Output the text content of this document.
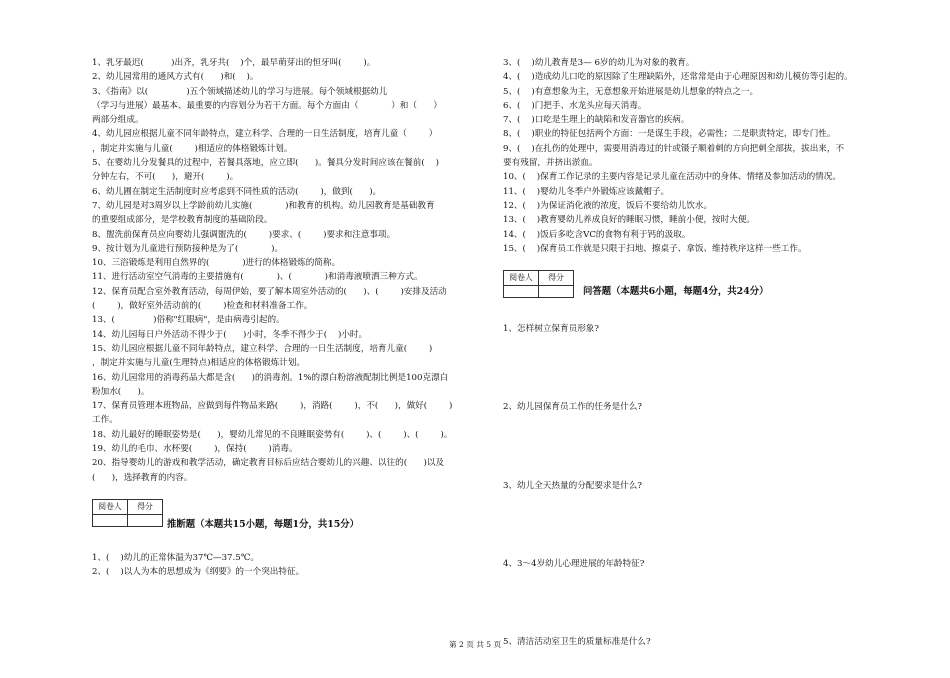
1、乳牙最迟(          )出齐，乳牙共(    )个，最早萌芽出的恒牙叫(        )。
2、幼儿园常用的通风方式有(      )和(    )。
3、《指南》以(              )五个领域描述幼儿的学习与进展。每个领域根据幼儿
（学习与进展）最基本、最重要的内容划分为若干方面。每个方面由（            ）和（      ）
两部分组成。
4、幼儿园应根据儿童不同年龄特点，建立科学、合理的一日生活制度，培育儿童（        ）
，制定并实施与儿童(        )相适应的体格锻炼计划。
5、在婴幼儿分发餐具的过程中，若餐具落地，应立即(      )。餐具分发时间应该在餐前(    )
分钟左右，不可(      )，避开(        )。
6、幼儿圃在制定生活制度时应考虑到不同性质的活动(        )，做到(      )。
7、幼儿园是对3周岁以上学龄前幼儿实施(            )和教育的机构。幼儿园教育是基础教育
的重要组成部分，是学校教育制度的基础阶段。
8、盥洗前保育员应向婴幼儿强调盥洗的(        )要求、(        )要求和注意事项。
9、按计划为儿童进行预防接种是为了(            )。
10、三浴锻炼是利用自然界的(            )进行的体格锻炼的简称。
11、进行活动室空气消毒的主要措施有(            )、(            )和消毒液喷洒三种方式。
12、保育员配合室外教育活动，每周伊始，要了解本周室外活动的(      )、(        )安排及活动
(        )，做好室外活动前的(        )检查和材料准备工作。
13、(              )俗称"红眼病"，是由病毒引起的。
14、幼儿园每日户外活动不得少于(      )小时，冬季不得少于(    )小时。
15、幼儿园应根据儿童不同年龄特点，建立科学、合理的一日生活制度，培育儿童(        )
，制定并实施与儿童(生理特点)相适应的体格锻炼计划。
16、幼儿园常用的消毒药品大都是含(      )的消毒剂。1%的漂白粉溶液配制比例是100克漂白
粉加水(      )。
17、保育员管理本班物品，应做到每件物品来路(        )，消路(        )，不(      )，做好(        )
工作。
18、幼儿最好的睡眠姿势是(      )，婴幼儿常见的不良睡眠姿势有(        )、(        )、(        )。
19、幼儿的毛巾、水杯要(        )，保持(        )消毒。
20、指导婴幼儿的游戏和教学活动，确定教育目标后应结合婴幼儿的兴趣、以往的(      )以及
(      )，选择教育的内容。
阅卷人	得分

推断题（本题共15小题，每题1分，共15分）
1、(    )幼儿的正常体温为37℃—37.5℃。
2、(    )以人为本的思想成为《纲要》的一个突出特征。
3、(    )幼儿教育是3— 6岁的幼儿为对象的教育。
4、(    )造成幼儿口吃的原因除了生理缺陷外，还常常是由于心理原因和幼儿模仿等引起的。
5、(    )有意想象为主，无意想象开始进展是幼儿想象的特点之一。
6、(    )门把手、水龙头应每天消毒。
7、(    )口吃是生理上的缺陷和发音器官的疾病。
8、(    )职业的特征包括两个方面：一是谋生手段，必需性；二是职责特定，即专门性。
9、(    )在扎伤的处理中，需要用消毒过的针或镊子顺着刺的方向把刺全部拔，拔出来，不
要有残留，并挤出淤血。
10、(    )保育工作记录的主要内容是记录儿童在活动中的身体、情绪及参加活动的情况。
11、(    )婴幼儿冬季户外锻炼应该戴帽子。
12、(    )为保证消化液的浓度，饭后不要给幼儿饮水。
13、(    )教育婴幼儿养成良好的睡眠习惯，睡前小便，按时大便。
14、(    )饭后多吃含VC的食物有利于钙的汲取。
15、(    )保育员工作就是只限于扫地、擦桌子、拿饭、维持秩序这样一些工作。
阅卷人	得分

问答题（本题共6小题，每题4分，共24分）
1、怎样树立保育员形象?
2、幼儿园保育员工作的任务是什么?
3、幼儿全天热量的分配要求是什么?
4、3～4岁幼儿心理进展的年龄特征?
5、清洁活动室卫生的质量标准是什么?
第 2 页 共 5 页
